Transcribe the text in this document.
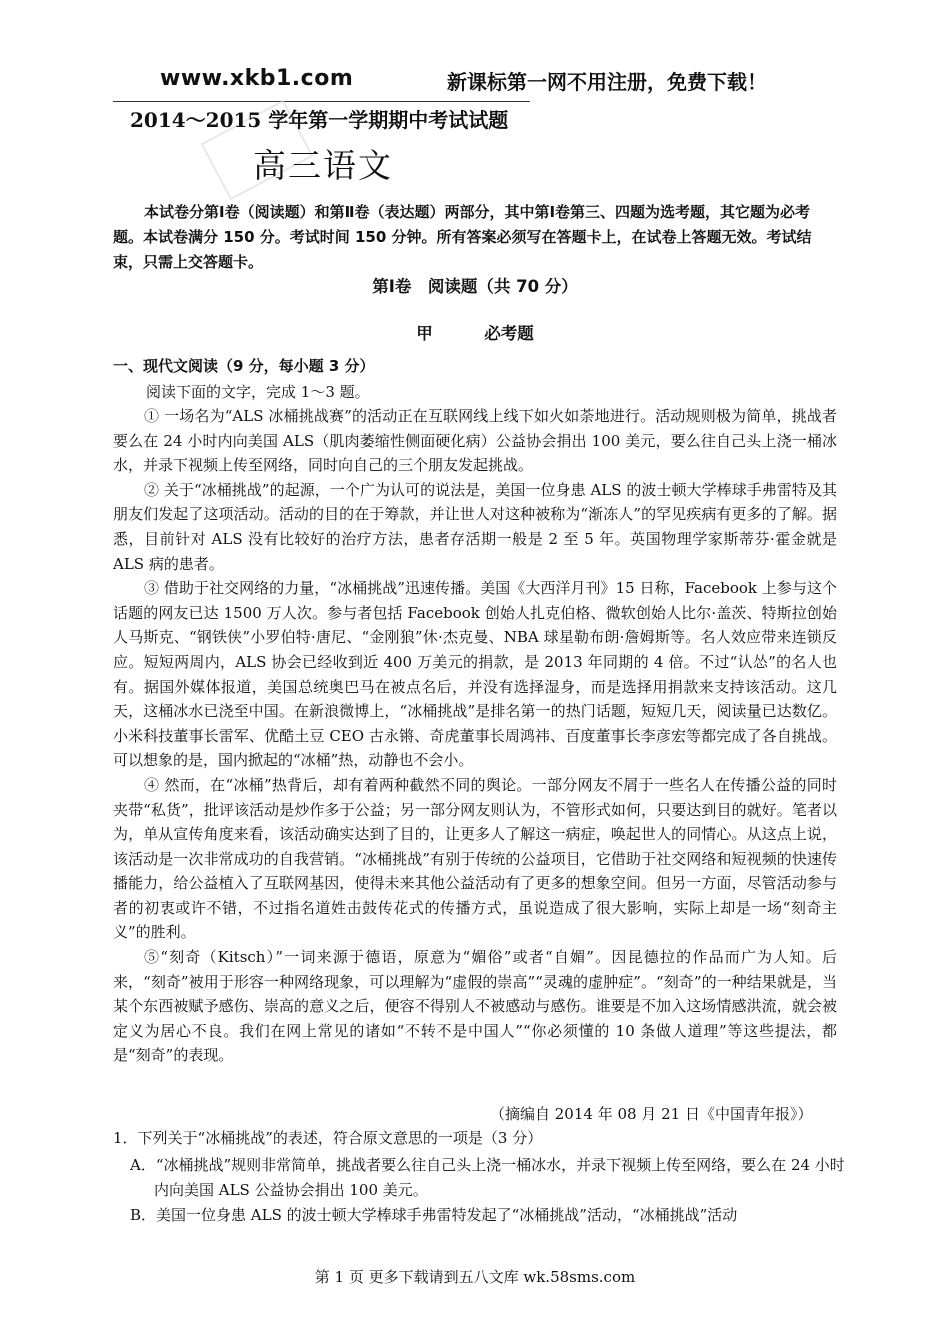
www.xkb1.com	新课标第一网不用注册，免费下载！
2014～2015 学年第一学期期中考试试题
高三语文
本试卷分第Ⅰ卷（阅读题）和第Ⅱ卷（表达题）两部分，其中第Ⅰ卷第三、四题为选考题，其它题为必考题。本试卷满分 150 分。考试时间 150 分钟。所有答案必须写在答题卡上，在试卷上答题无效。考试结束，只需上交答题卡。
第Ⅰ卷　阅读题（共 70 分）
甲	必考题
一、现代文阅读（9 分，每小题 3 分）
阅读下面的文字，完成 1～3 题。

① 一场名为“ALS 冰桶挑战赛”的活动正在互联网线上线下如火如荼地进行。活动规则极为简单，挑战者要么在 24 小时内向美国 ALS（肌肉萎缩性侧面硬化病）公益协会捐出 100 美元，要么往自己头上浇一桶冰水，并录下视频上传至网络，同时向自己的三个朋友发起挑战。

② 关于“冰桶挑战”的起源，一个广为认可的说法是，美国一位身患 ALS 的波士顿大学棒球手弗雷特及其朋友们发起了这项活动。活动的目的在于筹款，并让世人对这种被称为“渐冻人”的罕见疾病有更多的了解。据悉，目前针对 ALS 没有比较好的治疗方法，患者存活期一般是 2 至 5 年。英国物理学家斯蒂芬·霍金就是 ALS 病的患者。

③ 借助于社交网络的力量，“冰桶挑战”迅速传播。美国《大西洋月刊》15 日称，Facebook 上参与这个话题的网友已达 1500 万人次。参与者包括 Facebook 创始人扎克伯格、微软创始人比尔·盖茨、特斯拉创始人马斯克、“钢铁侠”小罗伯特·唐尼、“金刚狼”休·杰克曼、NBA 球星勒布朗·詹姆斯等。名人效应带来连锁反应。短短两周内，ALS 协会已经收到近 400 万美元的捐款，是 2013 年同期的 4 倍。不过“认怂”的名人也有。据国外媒体报道，美国总统奥巴马在被点名后，并没有选择湿身，而是选择用捐款来支持该活动。这几天，这桶冰水已浇至中国。在新浪微博上，“冰桶挑战”是排名第一的热门话题，短短几天，阅读量已达数亿。小米科技董事长雷军、优酷土豆 CEO 古永锵、奇虎董事长周鸿祎、百度董事长李彦宏等都完成了各自挑战。可以想象的是，国内掀起的“冰桶”热，动静也不会小。

④ 然而，在“冰桶”热背后，却有着两种截然不同的舆论。一部分网友不屑于一些名人在传播公益的同时夹带“私货”，批评该活动是炒作多于公益；另一部分网友则认为，不管形式如何，只要达到目的就好。笔者以为，单从宣传角度来看，该活动确实达到了目的，让更多人了解这一病症，唤起世人的同情心。从这点上说，该活动是一次非常成功的自我营销。“冰桶挑战”有别于传统的公益项目，它借助于社交网络和短视频的快速传播能力，给公益植入了互联网基因，使得未来其他公益活动有了更多的想象空间。但另一方面，尽管活动参与者的初衷或许不错，不过指名道姓击鼓传花式的传播方式，虽说造成了很大影响，实际上却是一场“刻奇主义”的胜利。

⑤“刻奇（Kitsch）”一词来源于德语，原意为“媚俗”或者“自媚”。因昆德拉的作品而广为人知。后来，“刻奇”被用于形容一种网络现象，可以理解为“虚假的崇高”“灵魂的虚肿症”。“刻奇”的一种结果就是，当某个东西被赋予感伤、崇高的意义之后，便容不得别人不被感动与感伤。谁要是不加入这场情感洪流，就会被定义为居心不良。我们在网上常见的诸如“不转不是中国人”“你必须懂的 10 条做人道理”等这些提法，都是“刻奇”的表现。

（摘编自 2014 年 08 月 21 日《中国青年报》）
1．下列关于“冰桶挑战”的表述，符合原文意思的一项是（3 分）
A．“冰桶挑战”规则非常简单，挑战者要么往自己头上浇一桶冰水，并录下视频上传至网络，要么在 24 小时内向美国 ALS 公益协会捐出 100 美元。
B．美国一位身患 ALS 的波士顿大学棒球手弗雷特发起了“冰桶挑战”活动，“冰桶挑战”活动
第 1 页 更多下载请到五八文库 wk.58sms.com
